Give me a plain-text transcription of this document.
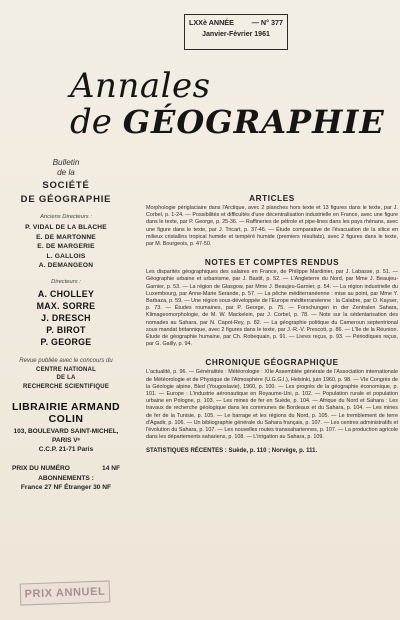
LXXè ANNÉE — N° 377
Janvier-Février 1961
Annales
de GÉOGRAPHIE
Bulletin
de la
SOCIÉTÉ
DE GÉOGRAPHIE
Anciens Directeurs :
P. VIDAL DE LA BLACHE
E. DE MARTONNE
E. DE MARGERIE
L. GALLOIS
A. DEMANGEON
Directeurs :
A. CHOLLEY
MAX. SORRE
J. DRESCH
P. BIROT
P. GEORGE
Revue publiée avec le concours du
CENTRE NATIONAL
DE LA
RECHERCHE SCIENTIFIQUE
LIBRAIRIE ARMAND COLIN
103, BOULEVARD SAINT-MICHEL, PARIS Vᵉ
C.C.P. 21-71 Paris
PRIX DU NUMÉRO	14 NF
ABONNEMENTS :
France 27 NF Étranger 30 NF
PRIX ANNUEL
ARTICLES
Morphologie périglaciaire dans l'Arctique, avec 2 planches hors texte et 13 figures dans le texte, par J. Corbel, p. 1-24. — Possibilités et difficultés d'une décentralisation industrielle en France, avec une figure dans le texte, par P. George, p. 25-36. — Raffineries de pétrole et pipe-lines dans les pays rhénans, avec une figure dans le texte, par J. Tricart, p. 37-46. — Étude comparative de l'évacuation de la silice en milieux cristallins tropical humide et tempéré humide (premiers résultats), avec 2 figures dans le texte, par M. Bourgeois, p. 47-50.
NOTES ET COMPTES RENDUS
Les disparités géographiques des salaires en France, de Philippe Mardinier, par J. Labasse, p. 51. — Géographie urbaine et urbanisme, par J. Bastit, p. 52. — L'Angleterre du Nord, par Mme J. Beaujeu-Garnier, p. 53. — La région de Glasgow, par Mme J. Beaujeu-Garnier, p. 54. — La région industrielle du Luxembourg, par Anne-Marie Serande, p. 57. — La pêche méditerranéenne : mise au point, par Mme Y. Barbaza, p. 59. — Une région sous-développée de l'Europe méditerranéenne : la Calabre, par O. Kayser, p. 73. — Études roumaines, par P. George, p. 75. — Forschungen in der Zentralen Sahara, Klimageomorphologie, de M. W. Mackelein, par J. Corbel, p. 78. — Note sur la sédentarisation des nomades au Sahara, par N. Capot-Rey, p. 82. — La géographie politique du Cameroun septentrional sous mandat britannique, avec 2 figures dans le texte, par J.-R.-V. Prescott, p. 86. — L'île de la Réunion. Étude de géographie humaine, par Ch. Robequain, p. 91. — Livres reçus, p. 93. — Périodiques reçus, par G. Gailly, p. 94.
CHRONIQUE GÉOGRAPHIQUE
L'actualité, p. 96. — Généralités : Météorologie : XIIe Assemblée générale de l'Association internationale de Météorologie et de Physique de l'Atmosphère (U.G.G.I.), Helsinki, juin 1960, p. 98. — VIe Congrès de la Géologie alpine, Bled (Yougoslavie), 1960, p. 100. — Les progrès de la géographie économique, p. 101. — Europe : L'industrie aéronautique en Royaume-Uni, p. 102. — Population rurale et population urbaine en Pologne, p. 103. — Les mines de fer en Suède, p. 104. — Afrique du Nord et Sahara : Les travaux de recherche géologique dans les communes de Bordeaux et du Sahara, p. 104. — Les mines de fer de la Tunisie, p. 105. — Le barrage et les régions du Nord, p. 105. — Le tremblement de terre d'Agadir, p. 106. — Un bibliographie générale du Sahara français, p. 107. — Les centres administratifs et l'évolution du Sahara, p. 107. — Les nouvelles routes transsahariennes, p. 107. — La production agricole dans les départements sahariens, p. 108. — L'irrigation au Sahara, p. 109.
STATISTIQUES RÉCENTES : Suède, p. 110 ; Norvège, p. 111.
